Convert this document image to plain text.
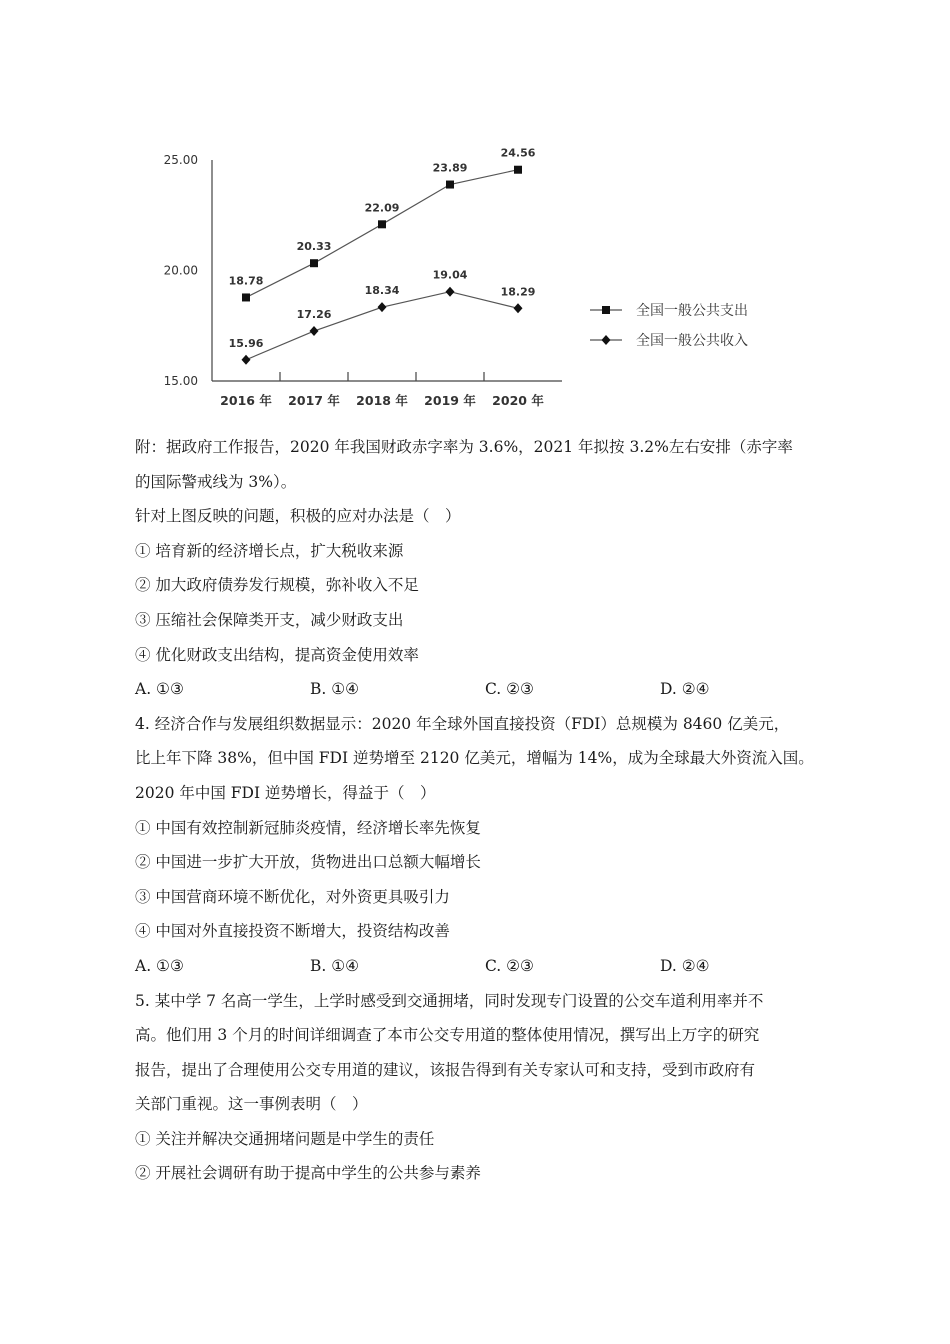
15.00
20.00
25.00
2016 年 2017 年 2018 年 2019 年 2020 年
18.78
20.33
22.09
23.89
24.56
15.96
17.26
18.34
19.04
18.29
全国一般公共支出
全国一般公共收入
附：据政府工作报告，2020 年我国财政赤字率为 3.6%，2021 年拟按 3.2%左右安排（赤字率
的国际警戒线为 3%）。
针对上图反映的问题，积极的应对办法是（　）
① 培育新的经济增长点，扩大税收来源
② 加大政府债券发行规模，弥补收入不足
③ 压缩社会保障类开支，减少财政支出
④ 优化财政支出结构，提高资金使用效率
A. ①③	B. ①④	C. ②③	D. ②④
4. 经济合作与发展组织数据显示：2020 年全球外国直接投资（FDI）总规模为 8460 亿美元，
比上年下降 38%，但中国 FDI 逆势增至 2120 亿美元，增幅为 14%，成为全球最大外资流入国。
2020 年中国 FDI 逆势增长，得益于（　）
① 中国有效控制新冠肺炎疫情，经济增长率先恢复
② 中国进一步扩大开放，货物进出口总额大幅增长
③ 中国营商环境不断优化，对外资更具吸引力
④ 中国对外直接投资不断增大，投资结构改善
A. ①③	B. ①④	C. ②③	D. ②④
5. 某中学 7 名高一学生，上学时感受到交通拥堵，同时发现专门设置的公交车道利用率并不
高。他们用 3 个月的时间详细调查了本市公交专用道的整体使用情况，撰写出上万字的研究
报告，提出了合理使用公交专用道的建议，该报告得到有关专家认可和支持，受到市政府有
关部门重视。这一事例表明（　）
① 关注并解决交通拥堵问题是中学生的责任
② 开展社会调研有助于提高中学生的公共参与素养
